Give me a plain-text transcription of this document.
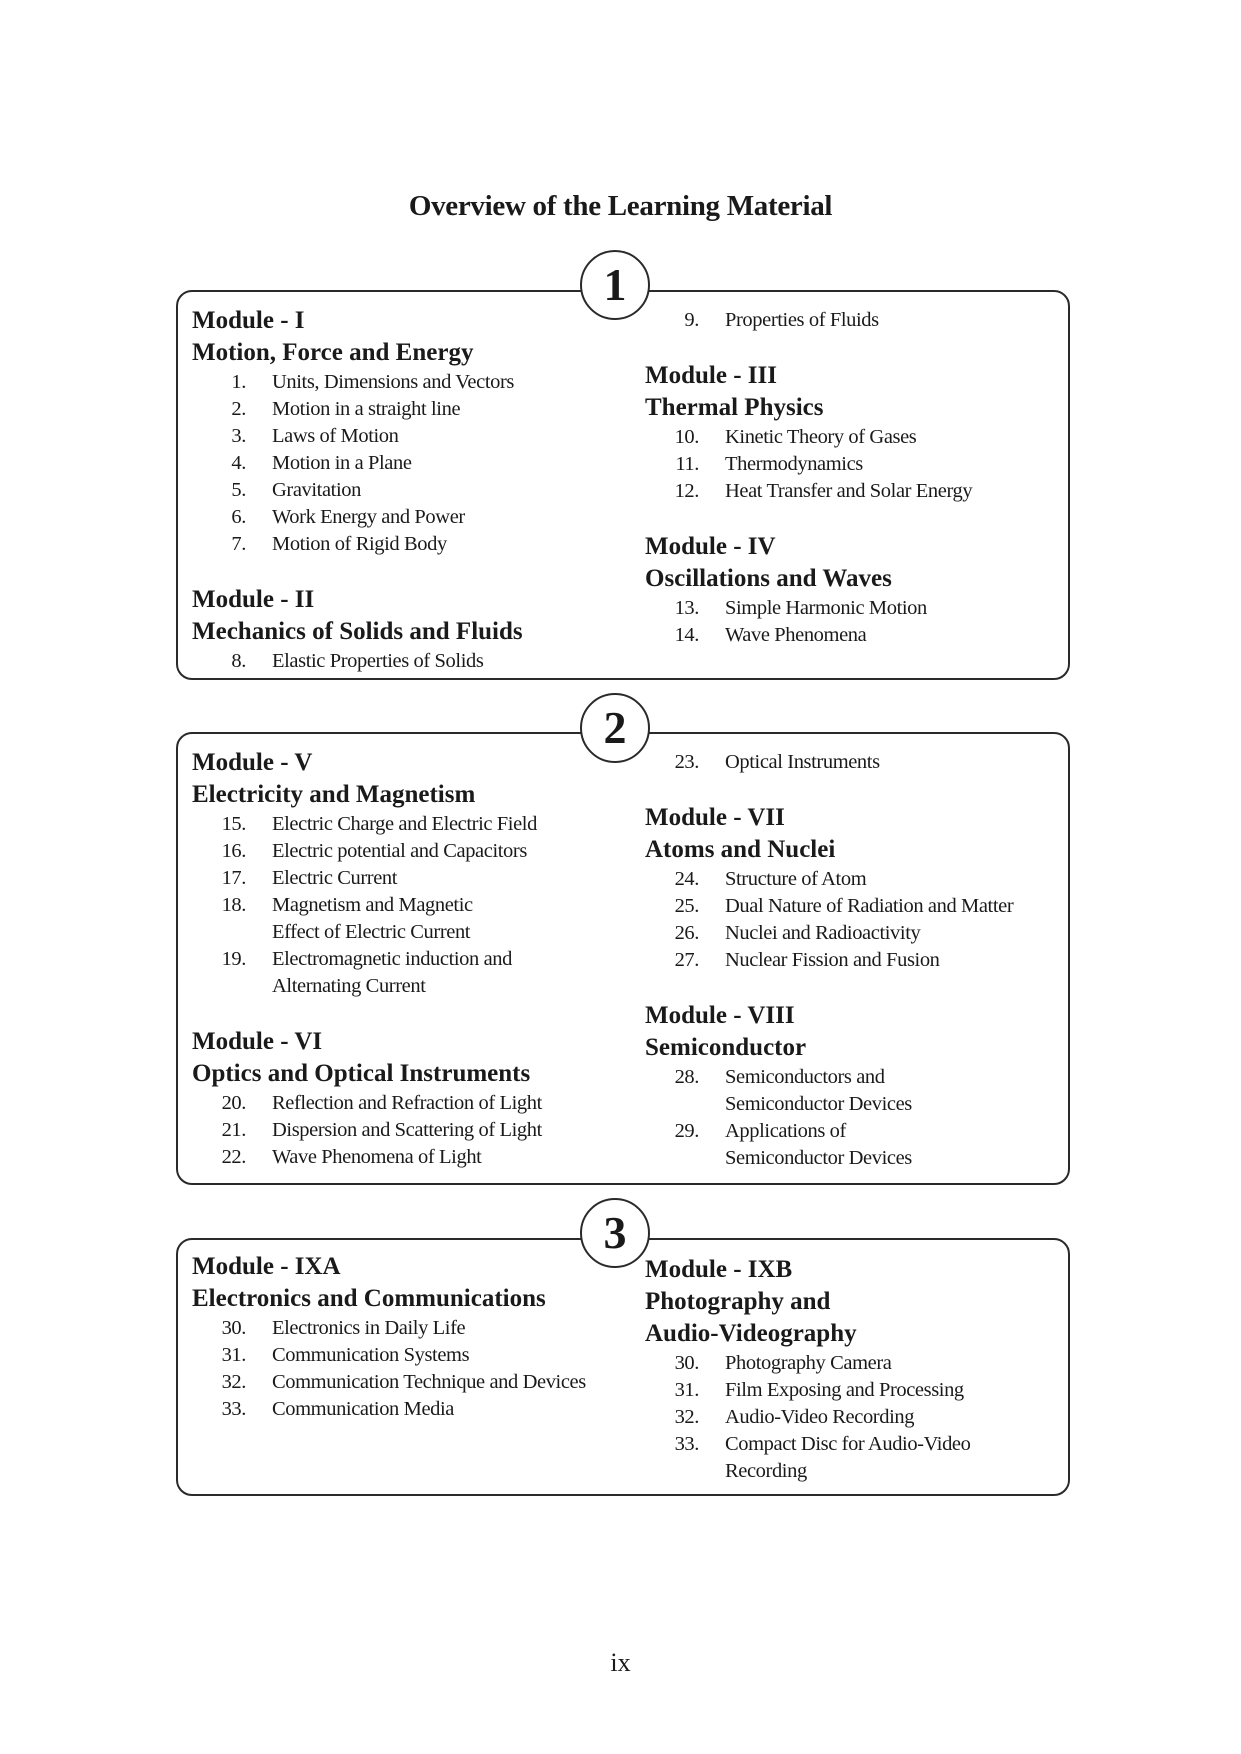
Overview of the Learning Material
1
Module - I
Motion, Force and Energy
1. Units, Dimensions and Vectors
2. Motion in a straight line
3. Laws of Motion
4. Motion in a Plane
5. Gravitation
6. Work Energy and Power
7. Motion of Rigid Body
Module - II
Mechanics of Solids and Fluids
8. Elastic Properties of Solids
9. Properties of Fluids
Module - III
Thermal Physics
10. Kinetic Theory of Gases
11. Thermodynamics
12. Heat Transfer and Solar Energy
Module - IV
Oscillations and Waves
13. Simple Harmonic Motion
14. Wave Phenomena
2
Module - V
Electricity and Magnetism
15. Electric Charge and Electric Field
16. Electric potential and Capacitors
17. Electric Current
18. Magnetism and Magnetic
Effect of Electric Current
19. Electromagnetic induction and
Alternating Current
Module - VI
Optics and Optical Instruments
20. Reflection and Refraction of Light
21. Dispersion and Scattering of Light
22. Wave Phenomena of Light
23. Optical Instruments
Module - VII
Atoms and Nuclei
24. Structure of Atom
25. Dual Nature of Radiation and Matter
26. Nuclei and Radioactivity
27. Nuclear Fission and Fusion
Module - VIII
Semiconductor
28. Semiconductors and
Semiconductor Devices
29. Applications of
Semiconductor Devices
3
Module - IXA
Electronics and Communications
30. Electronics in Daily Life
31. Communication Systems
32. Communication Technique and Devices
33. Communication Media
Module - IXB
Photography and
Audio-Videography
30. Photography Camera
31. Film Exposing and Processing
32. Audio-Video Recording
33. Compact Disc for Audio-Video
Recording
ix
